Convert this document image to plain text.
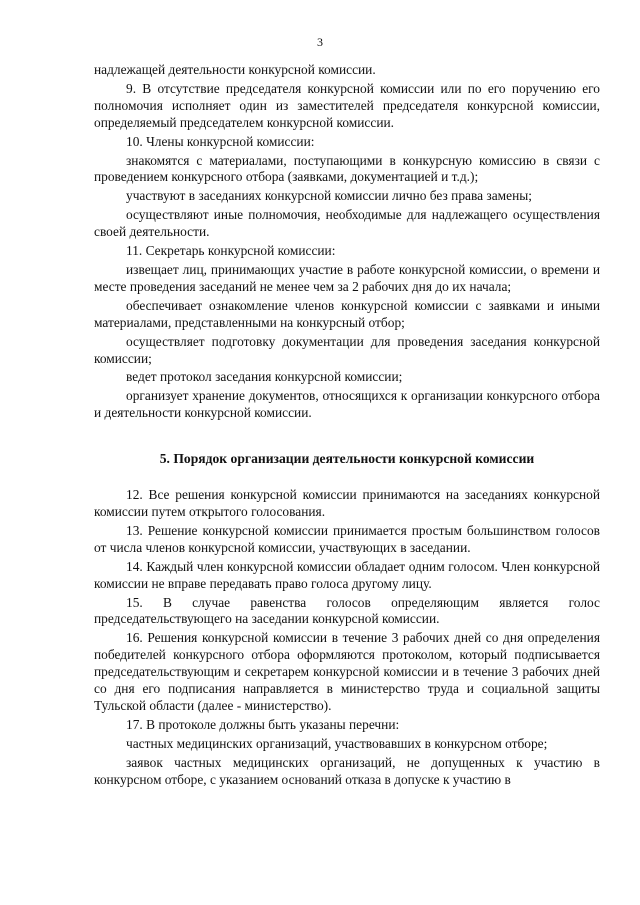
3

надлежащей деятельности конкурсной комиссии.

9. В отсутствие председателя конкурсной комиссии или по его поручению его полномочия исполняет один из заместителей председателя конкурсной комиссии, определяемый председателем конкурсной комиссии.

10. Члены конкурсной комиссии:

знакомятся с материалами, поступающими в конкурсную комиссию в связи с проведением конкурсного отбора (заявками, документацией и т.д.);

участвуют в заседаниях конкурсной комиссии лично без права замены;

осуществляют иные полномочия, необходимые для надлежащего осуществления своей деятельности.

11. Секретарь конкурсной комиссии:

извещает лиц, принимающих участие в работе конкурсной комиссии, о времени и месте проведения заседаний не менее чем за 2 рабочих дня до их начала;

обеспечивает ознакомление членов конкурсной комиссии с заявками и иными материалами, представленными на конкурсный отбор;

осуществляет подготовку документации для проведения заседания конкурсной комиссии;

ведет протокол заседания конкурсной комиссии;

организует хранение документов, относящихся к организации конкурсного отбора и деятельности конкурсной комиссии.

5. Порядок организации деятельности конкурсной комиссии

12. Все решения конкурсной комиссии принимаются на заседаниях конкурсной комиссии путем открытого голосования.

13. Решение конкурсной комиссии принимается простым большинством голосов от числа членов конкурсной комиссии, участвующих в заседании.

14. Каждый член конкурсной комиссии обладает одним голосом. Член конкурсной комиссии не вправе передавать право голоса другому лицу.

15. В случае равенства голосов определяющим является голос председательствующего на заседании конкурсной комиссии.

16. Решения конкурсной комиссии в течение 3 рабочих дней со дня определения победителей конкурсного отбора оформляются протоколом, который подписывается председательствующим и секретарем конкурсной комиссии и в течение 3 рабочих дней со дня его подписания направляется в министерство труда и социальной защиты Тульской области (далее - министерство).

17. В протоколе должны быть указаны перечни:

частных медицинских организаций, участвовавших в конкурсном отборе;

заявок частных медицинских организаций, не допущенных к участию в конкурсном отборе, с указанием оснований отказа в допуске к участию в
